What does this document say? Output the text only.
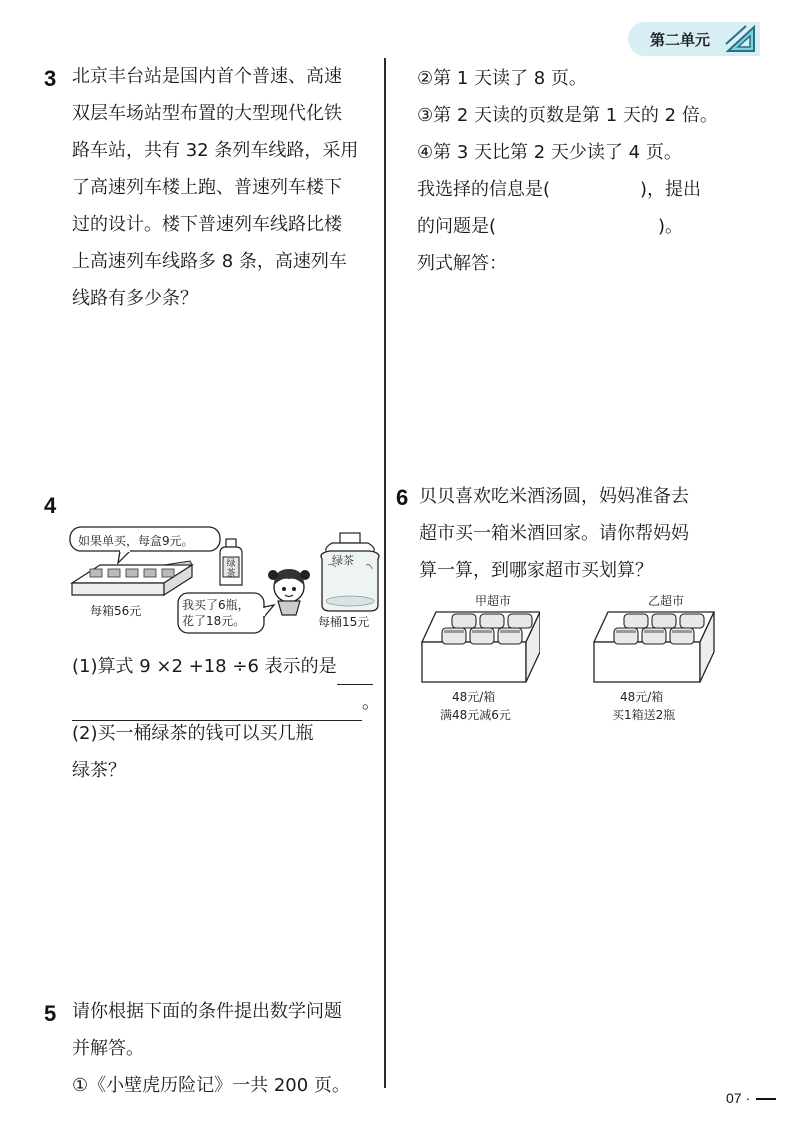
第二单元
3 北京丰台站是国内首个普速、高速
双层车场站型布置的大型现代化铁
路车站，共有 32 条列车线路，采用
了高速列车楼上跑、普速列车楼下
过的设计。楼下普速列车线路比楼
上高速列车线路多 8 条，高速列车
线路有多少条？
②第 1 天读了 8 页。
③第 2 天读的页数是第 1 天的 2 倍。
④第 3 天比第 2 天少读了 4 页。
我选择的信息是(　　　　　)，提出
的问题是(　　　　　　　　　)。
列式解答：
4
如果单买，每盒9元。
绿茶
绿茶
每箱56元	我买了6瓶，
花了18元。	每桶15元
(1)算式 9 ×2 +18 ÷6 表示的是
。
(2)买一桶绿茶的钱可以买几瓶
绿茶？
6 贝贝喜欢吃米酒汤圆，妈妈准备去
超市买一箱米酒回家。请你帮妈妈
算一算，到哪家超市买划算？
甲超市
48元/箱
满48元减6元
乙超市
48元/箱
买1箱送2瓶
5 请你根据下面的条件提出数学问题
并解答。
①《小壁虎历险记》一共 200 页。
07 ·
